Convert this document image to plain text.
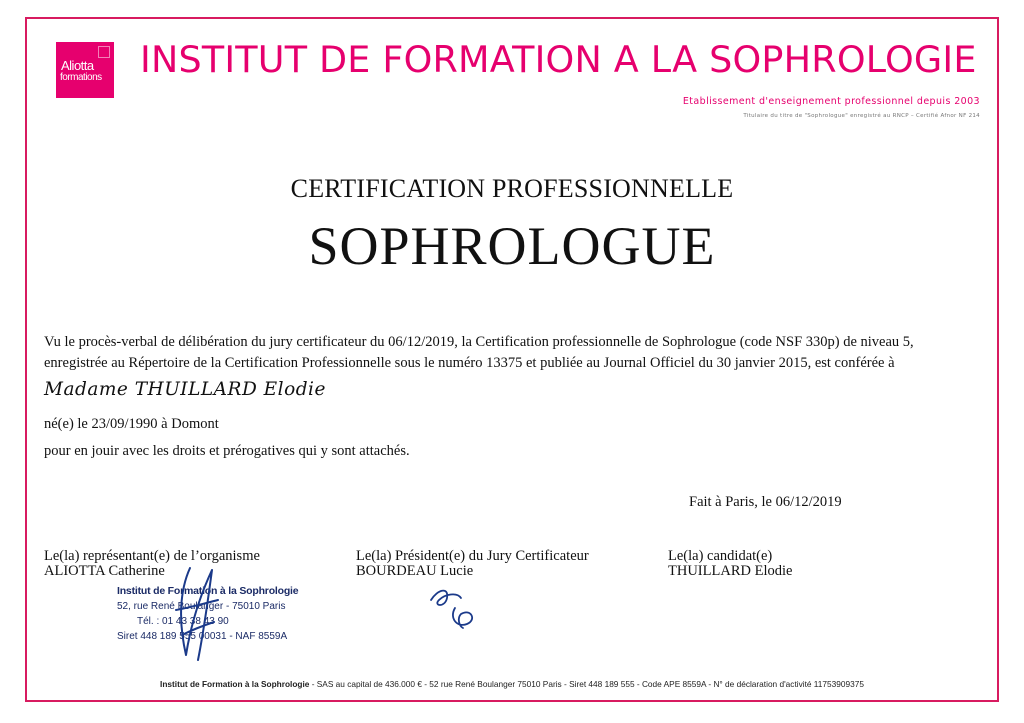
Aliotta
formations INSTITUT DE FORMATION A LA SOPHROLOGIE
Etablissement d'enseignement professionnel depuis 2003
Titulaire du titre de "Sophrologue" enregistré au RNCP – Certifié Afnor NF 214
CERTIFICATION PROFESSIONNELLE
SOPHROLOGUE
Vu le procès-verbal de délibération du jury certificateur du 06/12/2019, la Certification professionnelle de Sophrologue (code NSF 330p) de niveau 5,
enregistrée au Répertoire de la Certification Professionnelle sous le numéro 13375 et publiée au Journal Officiel du 30 janvier 2015, est conférée à
Madame THUILLARD Elodie
né(e) le 23/09/1990 à Domont
pour en jouir avec les droits et prérogatives qui y sont attachés.
Fait à Paris, le 06/12/2019
Le(la) représentant(e) de l’organisme
ALIOTTA Catherine
Le(la) Président(e) du Jury Certificateur
BOURDEAU Lucie
Le(la) candidat(e)
THUILLARD Elodie
Institut de Formation à la Sophrologie
52, rue René Boulanger - 75010 Paris
Tél. : 01 43 38 43 90
Siret 448 189 555 00031 - NAF 8559A
Institut de Formation à la Sophrologie - SAS au capital de 436.000 € - 52 rue René Boulanger 75010 Paris - Siret 448 189 555 - Code APE 8559A - N° de déclaration d'activité 11753909375
